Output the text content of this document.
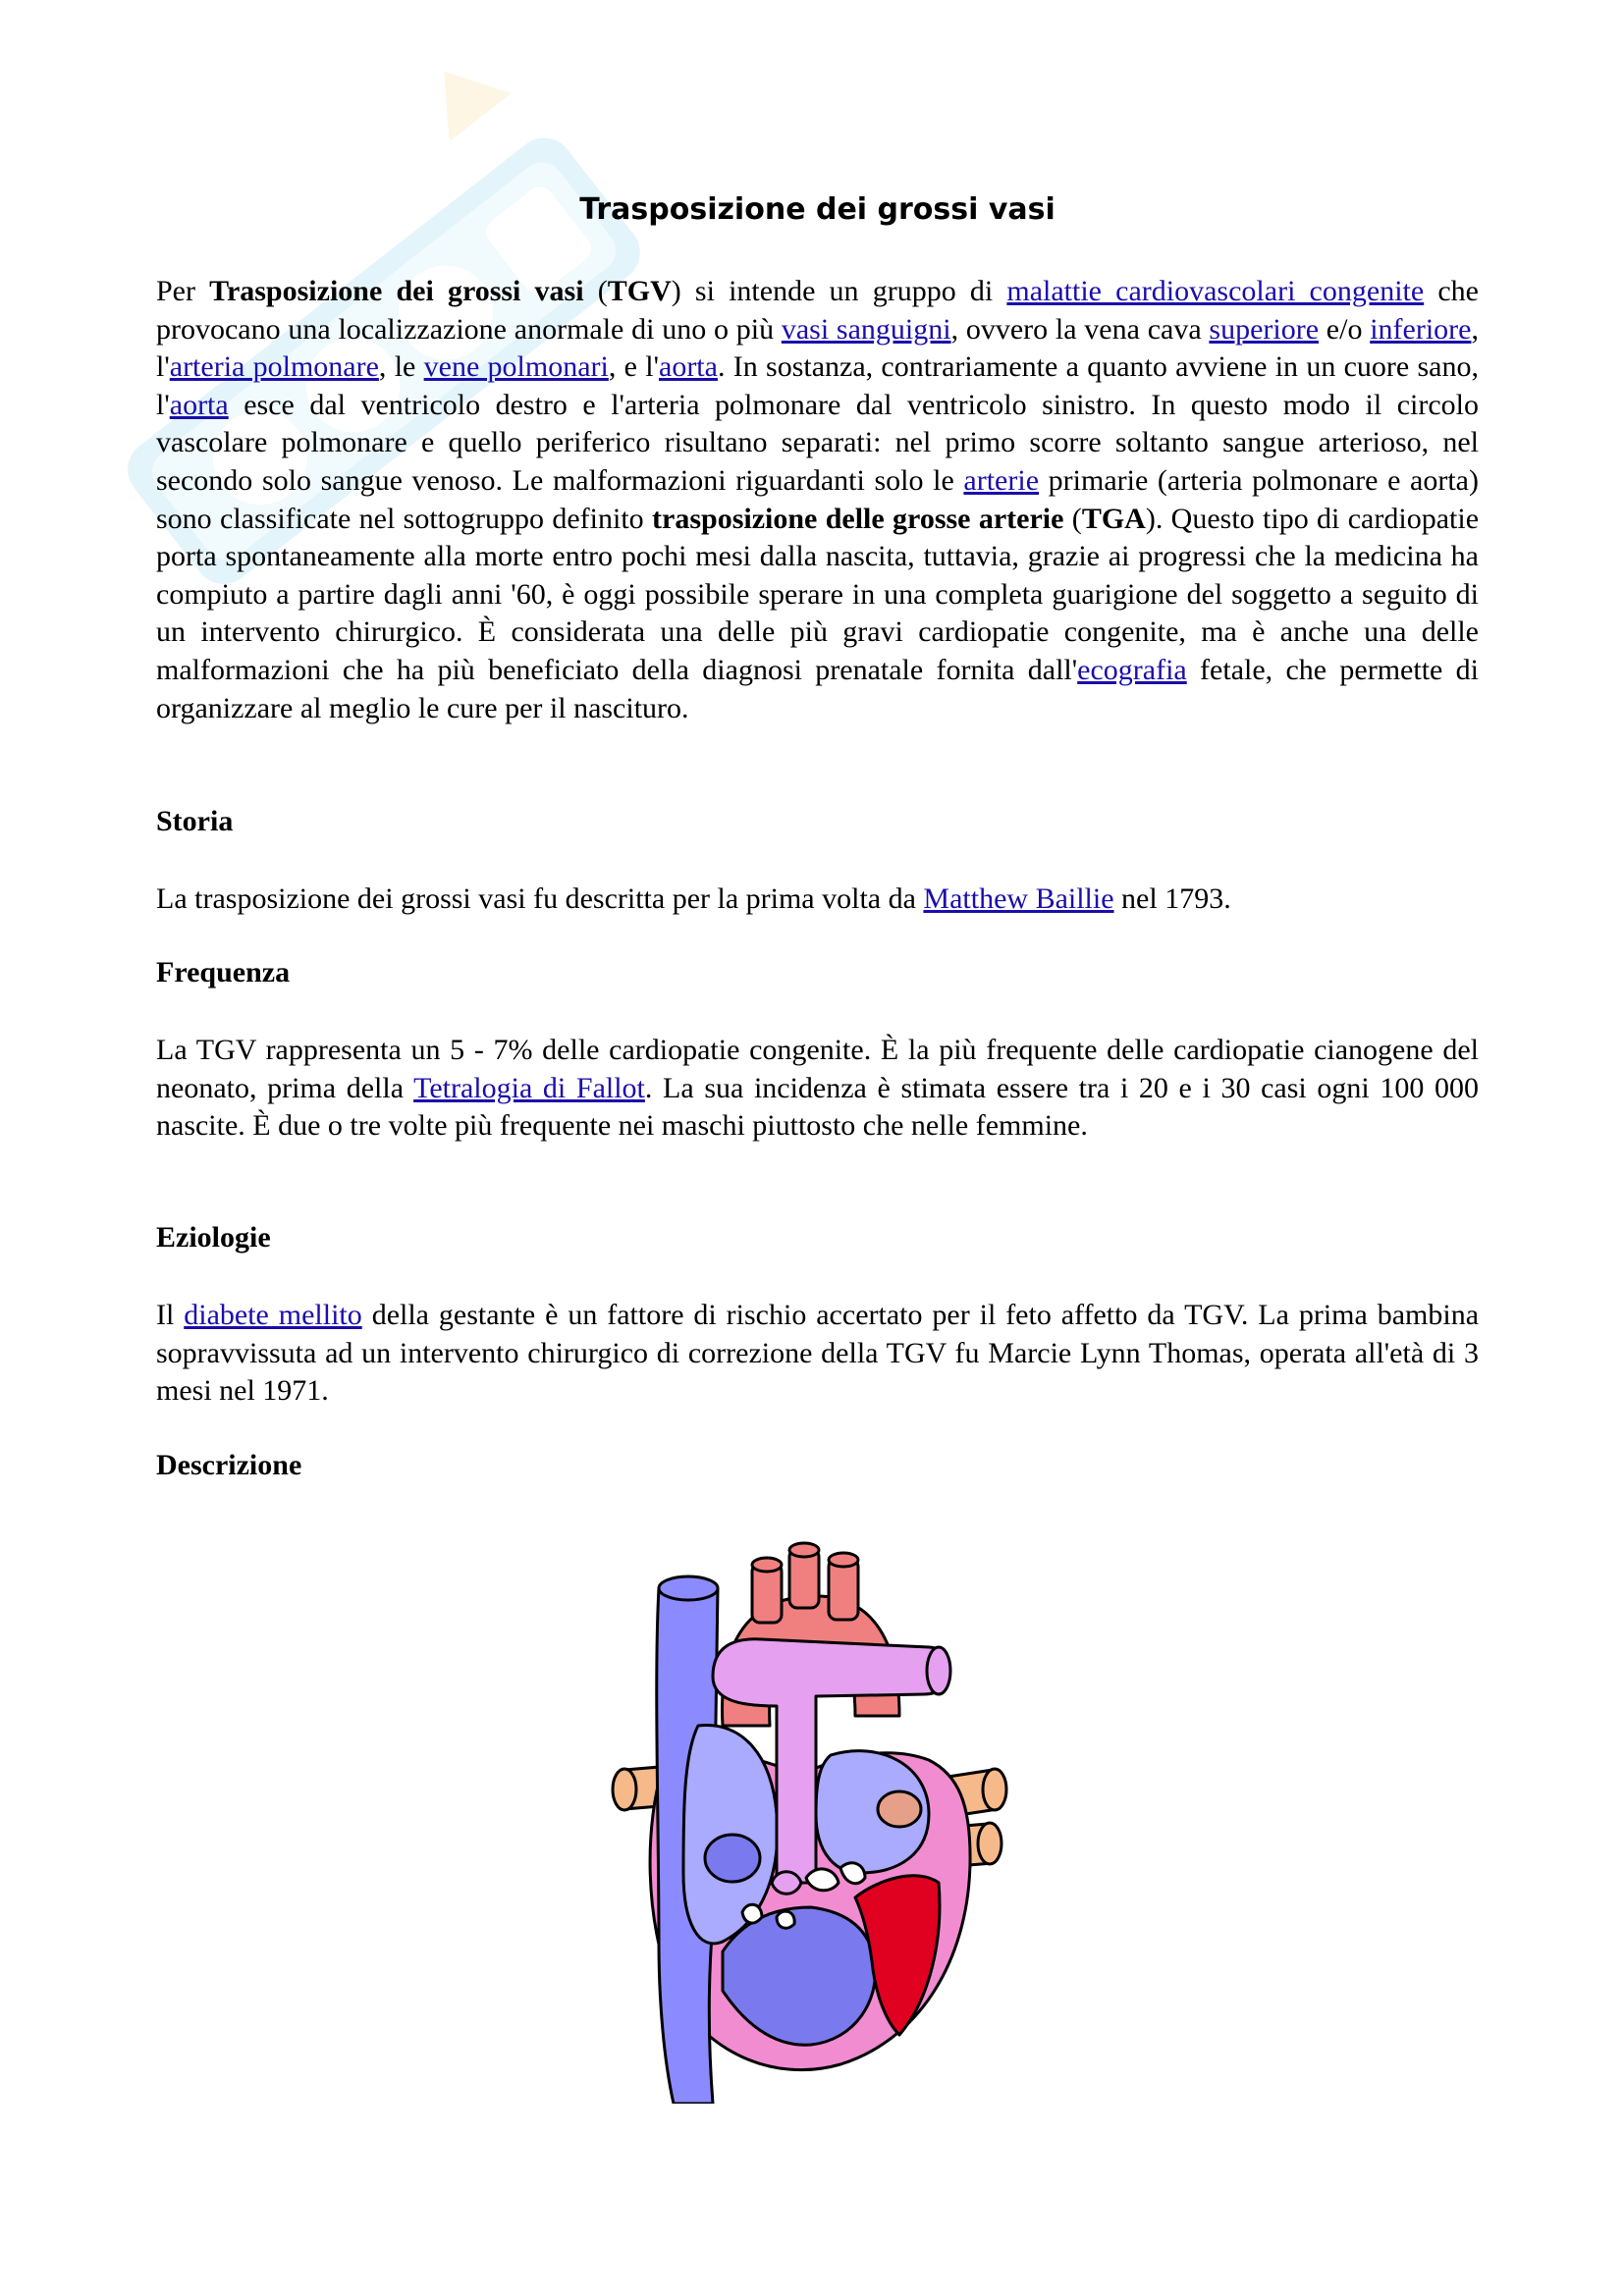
Trasposizione dei grossi vasi

Per Trasposizione dei grossi vasi (TGV) si intende un gruppo di malattie cardiovascolari congenite che provocano una localizzazione anormale di uno o più vasi sanguigni, ovvero la vena cava superiore e/o inferiore, l'arteria polmonare, le vene polmonari, e l'aorta. In sostanza, contrariamente a quanto avviene in un cuore sano, l'aorta esce dal ventricolo destro e l'arteria polmonare dal ventricolo sinistro. In questo modo il circolo vascolare polmonare e quello periferico risultano separati: nel primo scorre soltanto sangue arterioso, nel secondo solo sangue venoso. Le malformazioni riguardanti solo le arterie primarie (arteria polmonare e aorta) sono classificate nel sottogruppo definito trasposizione delle grosse arterie (TGA). Questo tipo di cardiopatie porta spontaneamente alla morte entro pochi mesi dalla nascita, tuttavia, grazie ai progressi che la medicina ha compiuto a partire dagli anni '60, è oggi possibile sperare in una completa guarigione del soggetto a seguito di un intervento chirurgico. È considerata una delle più gravi cardiopatie congenite, ma è anche una delle malformazioni che ha più beneficiato della diagnosi prenatale fornita dall'ecografia fetale, che permette di organizzare al meglio le cure per il nascituro.

Storia

La trasposizione dei grossi vasi fu descritta per la prima volta da Matthew Baillie nel 1793.

Frequenza

La TGV rappresenta un 5 - 7% delle cardiopatie congenite. È la più frequente delle cardiopatie cianogene del neonato, prima della Tetralogia di Fallot. La sua incidenza è stimata essere tra i 20 e i 30 casi ogni 100 000 nascite. È due o tre volte più frequente nei maschi piuttosto che nelle femmine.

Eziologie

Il diabete mellito della gestante è un fattore di rischio accertato per il feto affetto da TGV. La prima bambina sopravvissuta ad un intervento chirurgico di correzione della TGV fu Marcie Lynn Thomas, operata all'età di 3 mesi nel 1971.

Descrizione
